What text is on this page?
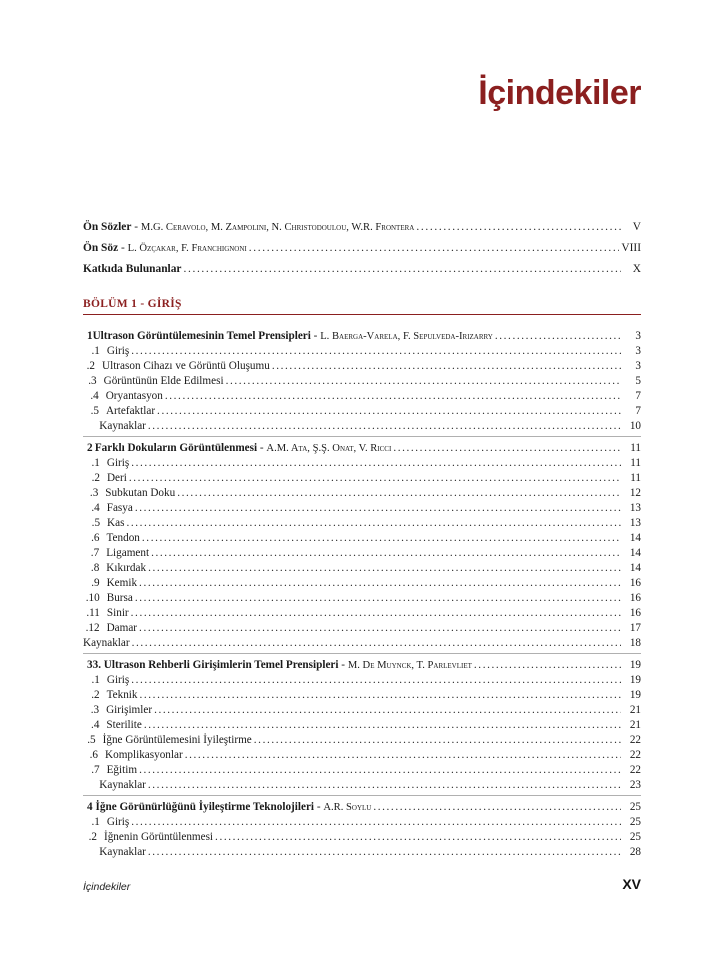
İçindekiler
Ön Sözler - M.G. Ceravolo, M. Zampolini, N. Christodoulou, W.R. Frontera . . .	V
Ön Söz - L. Özçakar, F. Franchignoni . . .	VIII
Katkıda Bulunanlar . . .	X
BÖLÜM 1 - GİRİŞ
1 Ultrason Görüntülemesinin Temel Prensipleri - L. Baerga-Varela, F. Sepulveda-Irizarry . . .	3
.1 Giriş . . .	3
.2 Ultrason Cihazı ve Görüntü Oluşumu . . .	3
.3 Görüntünün Elde Edilmesi . . .	5
.4 Oryantasyon . . .	7
.5 Artefaktlar . . .	7
Kaynaklar . . .	10
2 Farklı Dokuların Görüntülenmesi - A.M. Ata, Ş.Ş. Onat, V. Ricci . . .	11
.1 Giriş . . .	11
.2 Deri . . .	11
.3 Subkutan Doku . . .	12
.4 Fasya . . .	13
.5 Kas . . .	13
.6 Tendon . . .	14
.7 Ligament . . .	14
.8 Kıkırdak . . .	14
.9 Kemik . . .	16
.10 Bursa . . .	16
.11 Sinir . . .	16
.12 Damar . . .	17
Kaynaklar . . .	18
3 3. Ultrason Rehberli Girişimlerin Temel Prensipleri - M. De Muynck, T. Parlevliet . . .	19
.1 Giriş . . .	19
.2 Teknik . . .	19
.3 Girişimler . . .	21
.4 Sterilite . . .	21
.5 İğne Görüntülemesini İyileştirme . . .	22
.6 Komplikasyonlar . . .	22
.7 Eğitim . . .	22
Kaynaklar . . .	23
4 İğne Görünürlüğünü İyileştirme Teknolojileri - A.R. Soylu . . .	25
.1 Giriş . . .	25
.2 İğnenin Görüntülenmesi . . .	25
Kaynaklar . . .	28
İçindekiler	XV
